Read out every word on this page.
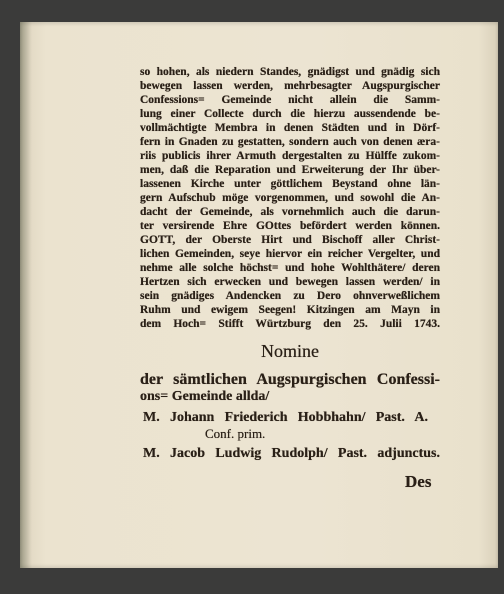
so hohen, als niedern Standes, gnädigst und gnädig sich
bewegen lassen werden, mehrbesagter Augspurgischer
Confessions= Gemeinde nicht allein die Samm-
lung einer Collecte durch die hierzu aussendende be-
vollmächtigte Membra in denen Städten und in Dörf-
fern in Gnaden zu gestatten, sondern auch von denen æra-
riis publicis ihrer Armuth dergestalten zu Hülffe zukom-
men, daß die Reparation und Erweiterung der Ihr über-
lassenen Kirche unter göttlichem Beystand ohne län-
gern Aufschub möge vorgenommen, und sowohl die An-
dacht der Gemeinde, als vornehmlich auch die darun-
ter versirende Ehre GOttes befördert werden können.
GOTT, der Oberste Hirt und Bischoff aller Christ-
lichen Gemeinden, seye hiervor ein reicher Vergelter, und
nehme alle solche höchst= und hohe Wohlthätere/ deren
Hertzen sich erwecken und bewegen lassen werden/ in
sein gnädiges Andencken zu Dero ohnverweßlichem
Ruhm und ewigem Seegen! Kitzingen am Mayn in
dem Hoch= Stifft Würtzburg den 25. Julii 1743.
Nomine
der sämtlichen Augspurgischen Confessi-
ons= Gemeinde allda/
M. Johann Friederich Hobbhahn/ Past. A.
Conf. prim.
M. Jacob Ludwig Rudolph/ Past. adjunctus.
Des
